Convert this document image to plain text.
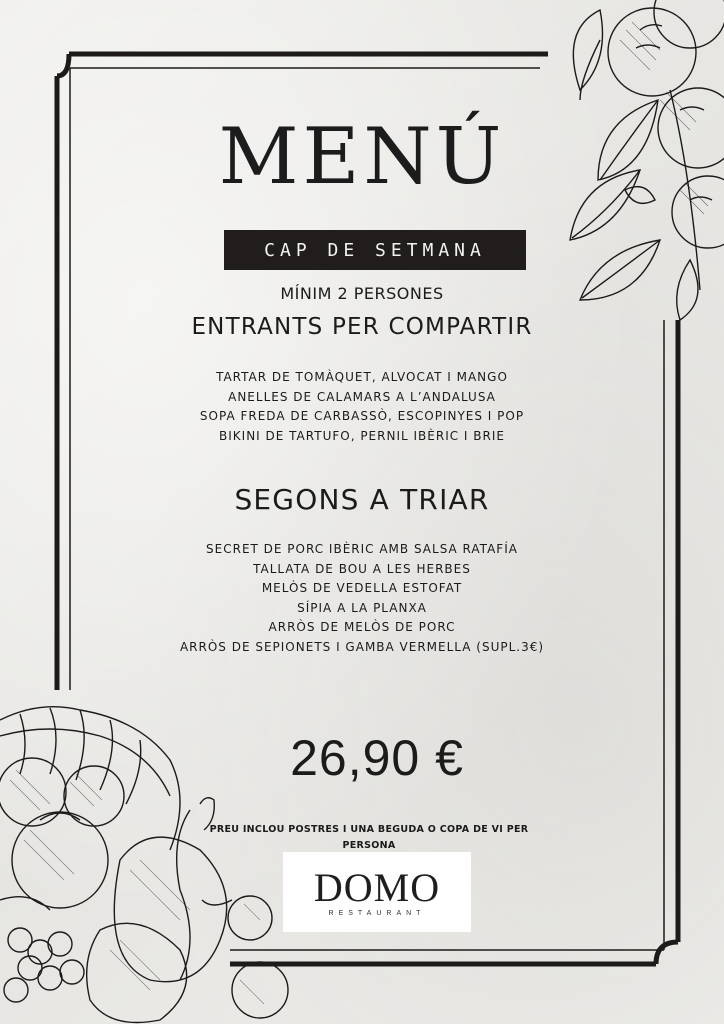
MENÚ
CAP DE SETMANA
MÍNIM 2 PERSONES
ENTRANTS PER COMPARTIR
TARTAR DE TOMÀQUET, ALVOCAT I MANGO
ANELLES DE CALAMARS A L’ANDALUSA
SOPA FREDA DE CARBASSÒ, ESCOPINYES I POP
BIKINI DE TARTUFO, PERNIL IBÈRIC I BRIE
SEGONS A TRIAR
SECRET DE PORC IBÈRIC AMB SALSA RATAFÍA
TALLATA DE BOU A LES HERBES
MELÒS DE VEDELLA ESTOFAT
SÍPIA A LA PLANXA
ARRÒS DE MELÒS DE PORC
ARRÒS DE SEPIONETS I GAMBA VERMELLA (SUPL.3€)
26,90 €
PREU INCLOU POSTRES I UNA BEGUDA O COPA DE VI PER PERSONA
DOMO
RESTAURANT
